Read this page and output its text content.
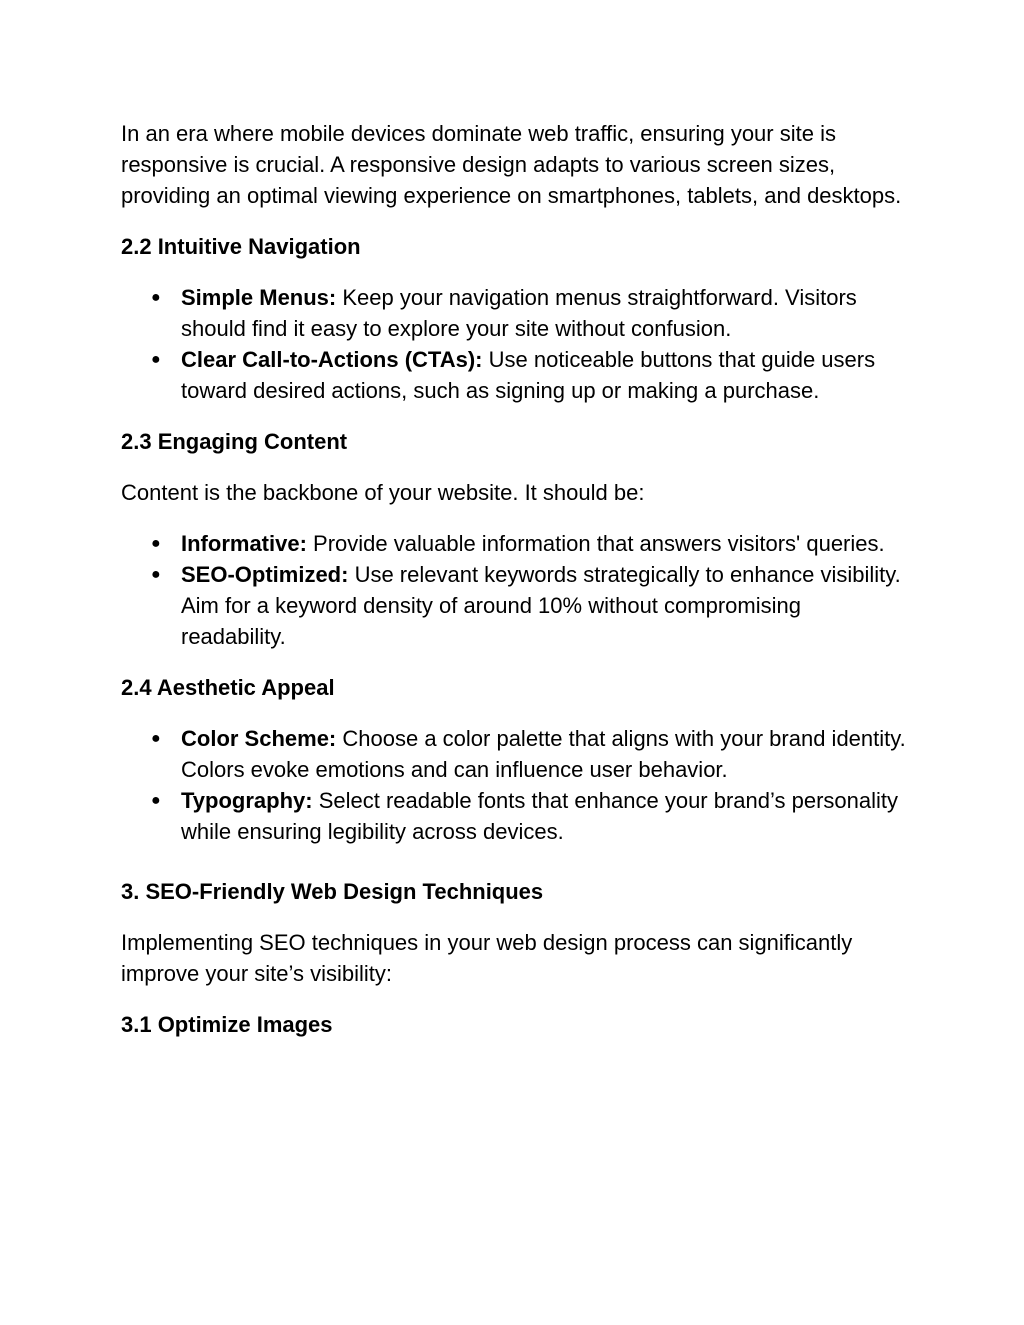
In an era where mobile devices dominate web traffic, ensuring your site is responsive is crucial. A responsive design adapts to various screen sizes, providing an optimal viewing experience on smartphones, tablets, and desktops.

2.2 Intuitive Navigation
● Simple Menus: Keep your navigation menus straightforward. Visitors should find it easy to explore your site without confusion.
● Clear Call-to-Actions (CTAs): Use noticeable buttons that guide users toward desired actions, such as signing up or making a purchase.
2.3 Engaging Content

Content is the backbone of your website. It should be:

● Informative: Provide valuable information that answers visitors' queries.
● SEO-Optimized: Use relevant keywords strategically to enhance visibility. Aim for a keyword density of around 10% without compromising readability.
2.4 Aesthetic Appeal
● Color Scheme: Choose a color palette that aligns with your brand identity. Colors evoke emotions and can influence user behavior.
● Typography: Select readable fonts that enhance your brand’s personality while ensuring legibility across devices.
3. SEO-Friendly Web Design Techniques

Implementing SEO techniques in your web design process can significantly improve your site’s visibility:

3.1 Optimize Images
